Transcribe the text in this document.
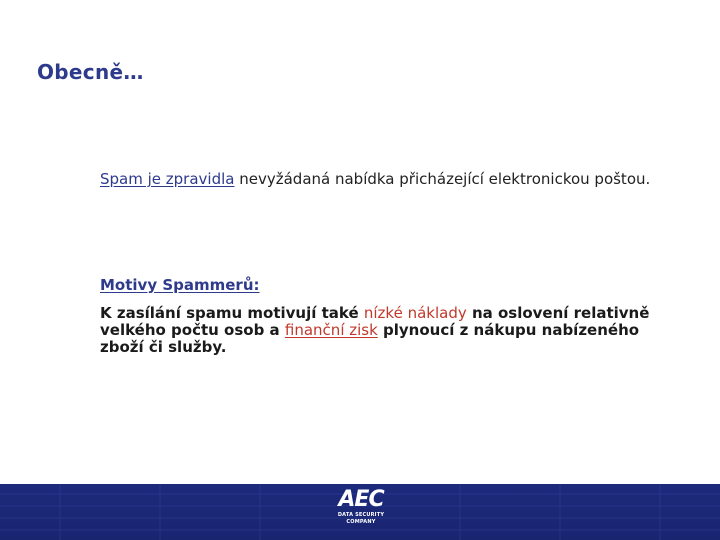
Obecně…
Spam je zpravidla nevyžádaná nabídka přicházející elektronickou poštou.
Motivy Spammerů:
K zasílání spamu motivují také nízké náklady na oslovení relativně velkého počtu osob a finanční zisk plynoucí z nákupu nabízeného zboží či služby.
AEC
DATA SECURITY
COMPANY
